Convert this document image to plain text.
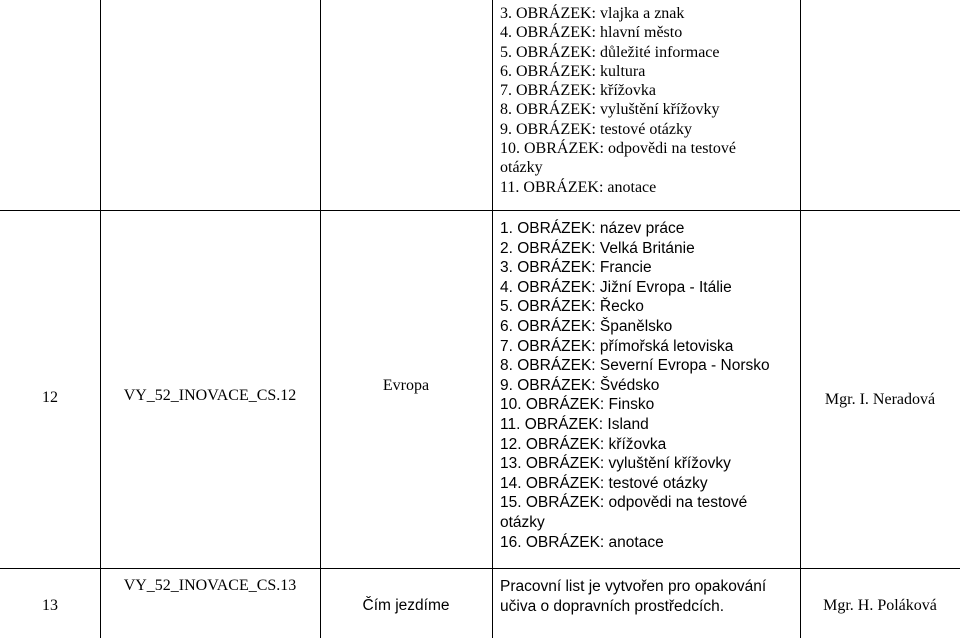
3. OBRÁZEK: vlajka a znak
4. OBRÁZEK: hlavní město
5. OBRÁZEK: důležité informace
6. OBRÁZEK: kultura
7. OBRÁZEK: křížovka
8. OBRÁZEK: vyluštění křížovky
9. OBRÁZEK: testové otázky
10. OBRÁZEK: odpovědi na testové
otázky
11. OBRÁZEK: anotace
12	VY_52_INOVACE_CS.12
Evropa
1. OBRÁZEK: název práce
2. OBRÁZEK: Velká Británie
3. OBRÁZEK: Francie
4. OBRÁZEK: Jižní Evropa - Itálie
5. OBRÁZEK: Řecko
6. OBRÁZEK: Španělsko
7. OBRÁZEK: přímořská letoviska
8. OBRÁZEK: Severní Evropa - Norsko
9. OBRÁZEK: Švédsko
10. OBRÁZEK: Finsko
11. OBRÁZEK: Island
12. OBRÁZEK: křížovka
13. OBRÁZEK: vyluštění křížovky
14. OBRÁZEK: testové otázky
15. OBRÁZEK: odpovědi na testové
otázky
16. OBRÁZEK: anotace
Mgr. I. Neradová
13
VY_52_INOVACE_CS.13
Čím jezdíme
Pracovní list je vytvořen pro opakování
učiva o dopravních prostředcích.	Mgr. H. Poláková
